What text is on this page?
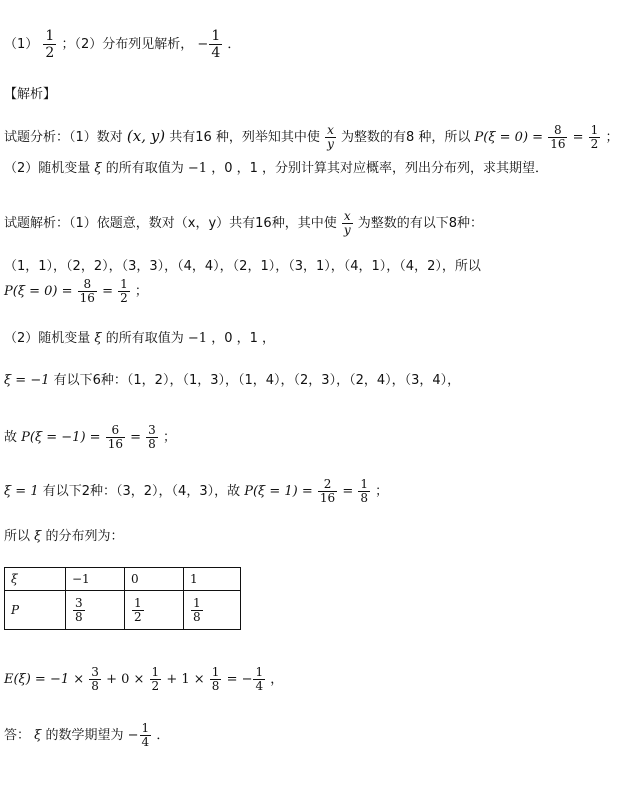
$(1) \frac{1}{2}$ ；（2）分布列见解析， − $\frac{1}{4}$ ．
【解析】
试题分析：（1）数对 (x, y) 共有16 种，列举知其中使 $\frac{x}{y}$ 为整数的有8 种，所以 $P(\xi = 0) = \frac{8}{16} = \frac{1}{2}$ ；
（2）随机变量 ξ 的所有取值为 −1 ，0 ，1 ，分别计算其对应概率，列出分布列，求其期望．
试题解析：（1）依题意，数对（x，y）共有16种，其中使 $\frac{x}{y}$ 为整数的有以下8种：
（1，1），（2，2），（3，3），（4，4），（2，1），（3，1），（4，1），（4，2），所以
$P(\xi = 0) = \frac{8}{16} = \frac{1}{2}$ ；
（2）随机变量 ξ 的所有取值为 −1 ，0 ，1 ，
ξ = −1 有以下6种：（1，2），（1，3），（1，4），（2，3），（2，4），（3，4），
故 $P(\xi = -1) = \frac{6}{16} = \frac{3}{8}$ ；
ξ = 1 有以下2种：（3，2），（4，3），故 $P(\xi = 1) = \frac{2}{16} = \frac{1}{8}$ ；
所以 ξ 的分布列为：
ξ	−1	0	1
P	$\frac{3}{8}$	$\frac{1}{2}$	$\frac{1}{8}$
$E(\xi) = -1 \times \frac{3}{8} + 0 \times \frac{1}{2} + 1 \times \frac{1}{8}$ = − $\frac{1}{4}$ ，
答： ξ 的数学期望为 − $\frac{1}{4}$ ．
